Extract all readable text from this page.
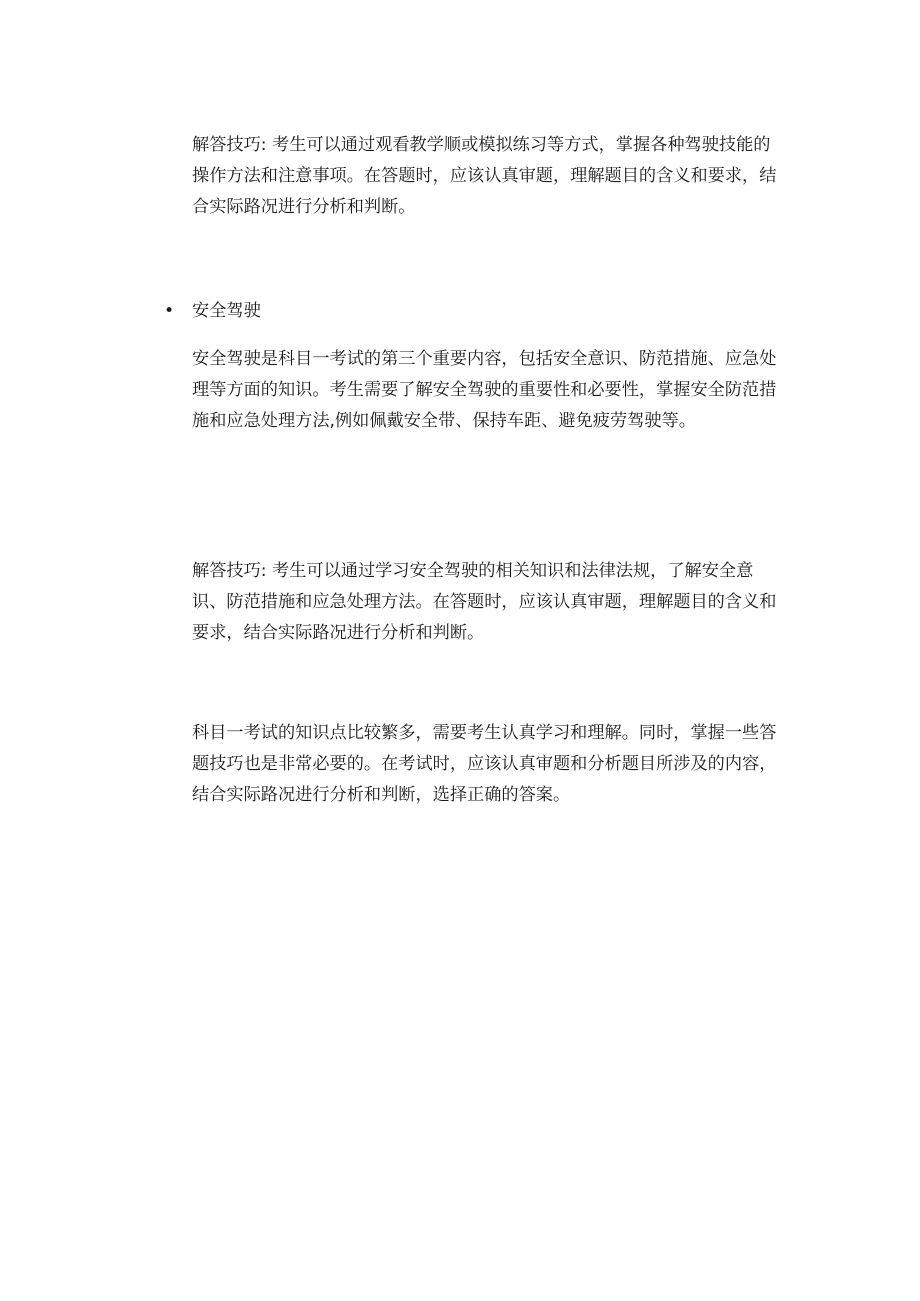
解答技巧: 考生可以通过观看教学顺或模拟练习等方式，掌握各种驾驶技能的操作方法和注意事项。在答题时，应该认真审题，理解题目的含义和要求，结合实际路况进行分析和判断。

•	安全驾驶

安全驾驶是科目一考试的第三个重要内容，包括安全意识、防范措施、应急处理等方面的知识。考生需要了解安全驾驶的重要性和必要性，掌握安全防范措施和应急处理方法,例如佩戴安全带、保持车距、避免疲劳驾驶等。

解答技巧: 考生可以通过学习安全驾驶的相关知识和法律法规，了解安全意识、防范措施和应急处理方法。在答题时，应该认真审题，理解题目的含义和要求，结合实际路况进行分析和判断。

科目一考试的知识点比较繁多，需要考生认真学习和理解。同时，掌握一些答题技巧也是非常必要的。在考试时，应该认真审题和分析题目所涉及的内容，结合实际路况进行分析和判断，选择正确的答案。
